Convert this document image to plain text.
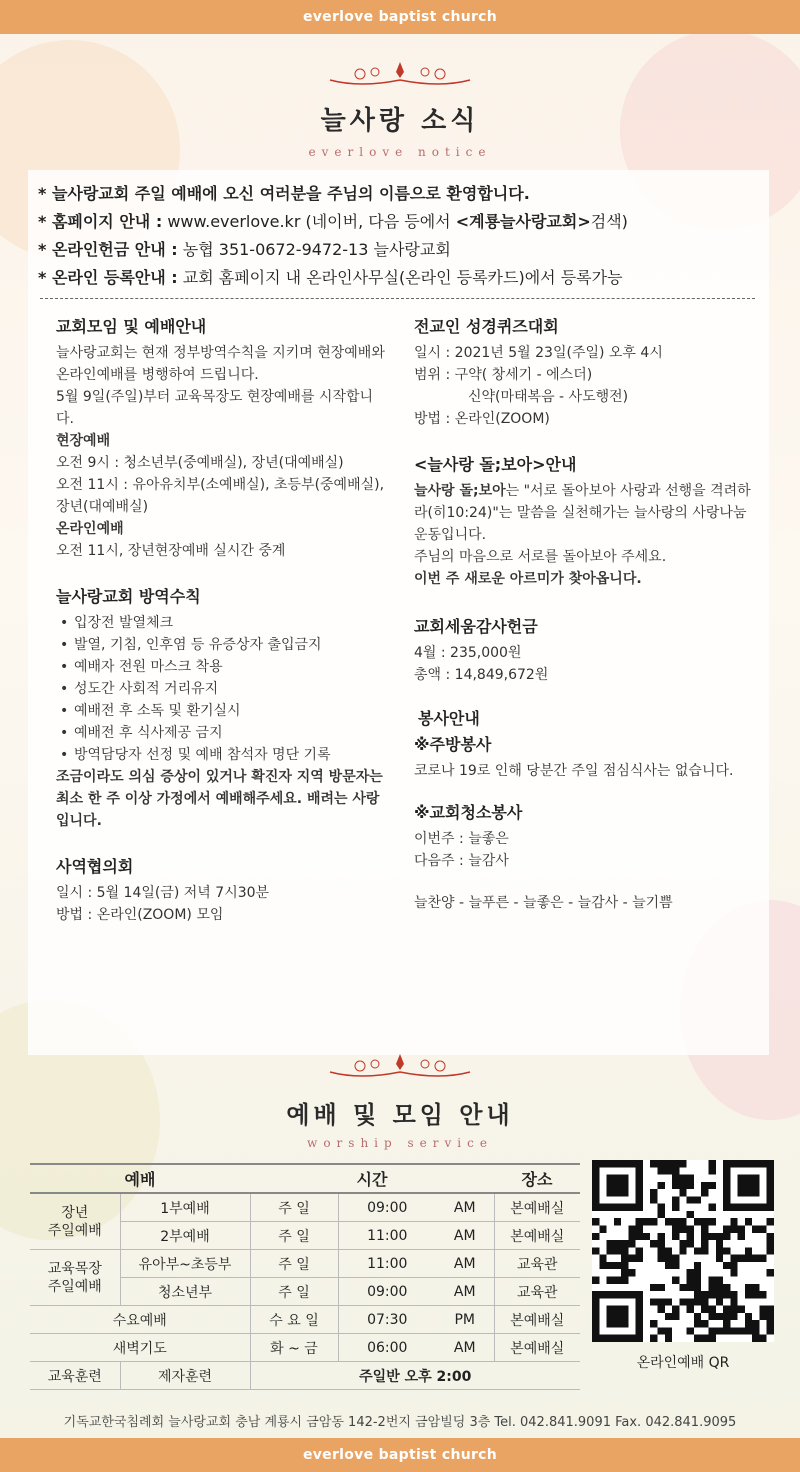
everlove baptist church
늘사랑 소식
everlove notice
* 늘사랑교회 주일 예배에 오신 여러분을 주님의 이름으로 환영합니다.
* 홈페이지 안내 : www.everlove.kr (네이버, 다음 등에서 <계룡늘사랑교회>검색)
* 온라인헌금 안내 : 농협 351-0672-9472-13 늘사랑교회
* 온라인 등록안내 : 교회 홈페이지 내 온라인사무실(온라인 등록카드)에서 등록가능
교회모임 및 예배안내
늘사랑교회는 현재 정부방역수칙을 지키며 현장예배와 온라인예배를 병행하여 드립니다.
5월 9일(주일)부터 교육목장도 현장예배를 시작합니다.
현장예배
오전 9시 : 청소년부(중예배실), 장년(대예배실)
오전 11시 : 유아유치부(소예배실), 초등부(중예배실), 장년(대예배실)
온라인예배
오전 11시, 장년현장예배 실시간 중계
늘사랑교회 방역수칙
• 입장전 발열체크
• 발열, 기침, 인후염 등 유증상자 출입금지
• 예배자 전원 마스크 착용
• 성도간 사회적 거리유지
• 예배전 후 소독 및 환기실시
• 예배전 후 식사제공 금지
• 방역담당자 선정 및 예배 참석자 명단 기록
조금이라도 의심 증상이 있거나 확진자 지역 방문자는 최소 한 주 이상 가정에서 예배해주세요. 배려는 사랑입니다.
사역협의회
일시 : 5월 14일(금) 저녁 7시30분
방법 : 온라인(ZOOM) 모임
전교인 성경퀴즈대회
일시 : 2021년 5월 23일(주일) 오후 4시
범위 : 구약( 창세기 - 에스더)
신약(마태복음 - 사도행전)
방법 : 온라인(ZOOM)
<늘사랑 돌;보아>안내
늘사랑 돌;보아는 "서로 돌아보아 사랑과 선행을 격려하라(히10:24)"는 말씀을 실천해가는 늘사랑의 사랑나눔운동입니다.
주님의 마음으로 서로를 돌아보아 주세요.
이번 주 새로운 아르미가 찾아옵니다.
교회세움감사헌금
4월 : 235,000원
총액 : 14,849,672원
봉사안내
※주방봉사
코로나 19로 인해 당분간 주일 점심식사는 없습니다.
※교회청소봉사
이번주 : 늘좋은
다음주 : 늘감사
늘찬양 - 늘푸른 - 늘좋은 - 늘감사 - 늘기쁨
예배 및 모임 안내
worship service
예배		시간			장소
장년
주일예배	1부예배	주 일	09:00	AM	본예배실
	2부예배	주 일	11:00	AM	본예배실
교육목장
주일예배	유아부~초등부	주 일	11:00	AM	교육관
	청소년부	주 일	09:00	AM	교육관
수요예배		수 요 일	07:30	PM	본예배실
새벽기도		화 ~ 금	06:00	AM	본예배실
교육훈련	제자훈련	주일반 오후 2:00			
온라인예배 QR
기독교한국침례회 늘사랑교회 충남 계룡시 금암동 142-2번지 금암빌딩 3층 Tel. 042.841.9091 Fax. 042.841.9095
everlove baptist church
